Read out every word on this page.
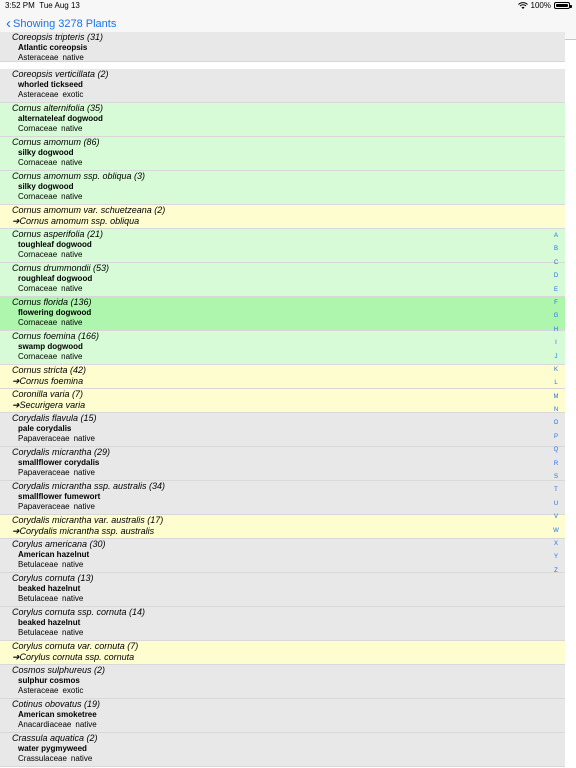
3:52 PM Tue Aug 13	100%
‹ Showing 3278 Plants
Coreopsis tripteris (31)
Atlantic coreopsis
Asteraceae native
Coreopsis verticillata (2)
whorled tickseed
Asteraceae exotic
Cornus alternifolia (35)
alternateleaf dogwood
Cornaceae native
Cornus amomum (86)
silky dogwood
Cornaceae native
Cornus amomum ssp. obliqua (3)
silky dogwood
Cornaceae native
Cornus amomum var. schuetzeana (2)
➔Cornus amomum ssp. obliqua
Cornus asperifolia (21)
toughleaf dogwood
Cornaceae native
Cornus drummondii (53)
roughleaf dogwood
Cornaceae native
Cornus florida (136)
flowering dogwood
Cornaceae native
Cornus foemina (166)
swamp dogwood
Cornaceae native
Cornus stricta (42)
➔Cornus foemina
Coronilla varia (7)
➔Securigera varia
Corydalis flavula (15)
pale corydalis
Papaveraceae native
Corydalis micrantha (29)
smallflower corydalis
Papaveraceae native
Corydalis micrantha ssp. australis (34)
smallflower fumewort
Papaveraceae native
Corydalis micrantha var. australis (17)
➔Corydalis micrantha ssp. australis
Corylus americana (30)
American hazelnut
Betulaceae native
Corylus cornuta (13)
beaked hazelnut
Betulaceae native
Corylus cornuta ssp. cornuta (14)
beaked hazelnut
Betulaceae native
Corylus cornuta var. cornuta (7)
➔Corylus cornuta ssp. cornuta
Cosmos sulphureus (2)
sulphur cosmos
Asteraceae exotic
Cotinus obovatus (19)
American smoketree
Anacardiaceae native
Crassula aquatica (2)
water pygmyweed
Crassulaceae native
A
B
C
D
E
F
G
H
I
J
K
L
M
N
O
P
Q
R
S
T
U
V
W
X
Y
Z
